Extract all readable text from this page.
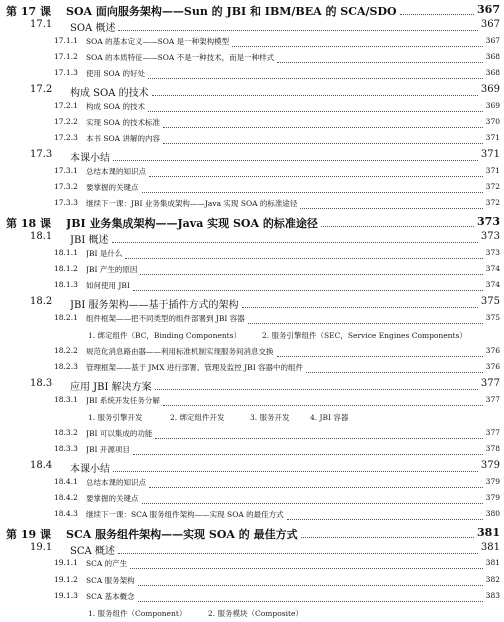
第 17 课 SOA 面向服务架构——Sun 的 JBI 和 IBM/BEA 的 SCA/SDO	367
17.1 SOA 概述	367
17.1.1 SOA 的基本定义——SOA 是一种架构模型	367
17.1.2 SOA 的本质特征——SOA 不是一种技术，而是一种样式	368
17.1.3 使用 SOA 的好处	368
17.2 构成 SOA 的技术	369
17.2.1 构成 SOA 的技术	369
17.2.2 实现 SOA 的技术标准	370
17.2.3 本书 SOA 讲解的内容	371
17.3 本课小结	371
17.3.1 总结本课的知识点	371
17.3.2 要掌握的关键点	372
17.3.3 继续下一课：JBI 业务集成架构——Java 实现 SOA 的标准途径	372
第 18 课 JBI 业务集成架构——Java 实现 SOA 的标准途径	373
18.1 JBI 概述	373
18.1.1 JBI 是什么	373
18.1.2 JBI 产生的原因	374
18.1.3 如何使用 JBI	374
18.2 JBI 服务架构——基于插件方式的架构	375
18.2.1 组件框架——把不同类型的组件部署到 JBI 容器	375
1. 绑定组件（BC，Binding Components）	2. 服务引擎组件（SEC，Service Engines Components）
18.2.2 规范化消息路由器——利用标准机制实现服务间消息交换	376
18.2.3 管理框架——基于 JMX 进行部署、管理及监控 JBI 容器中的组件	376
18.3 应用 JBI 解决方案	377
18.3.1 JBI 系统开发任务分解	377
1. 服务引擎开发	2. 绑定组件开发	3. 服务开发	4. JBI 容器
18.3.2 JBI 可以集成的功能	377
18.3.3 JBI 开源项目	378
18.4 本课小结	379
18.4.1 总结本课的知识点	379
18.4.2 要掌握的关键点	379
18.4.3 继续下一课：SCA 服务组件架构——实现 SOA 的最佳方式	380
第 19 课 SCA 服务组件架构——实现 SOA 的 最佳方式	381
19.1 SCA 概述	381
19.1.1 SCA 的产生	381
19.1.2 SCA 服务架构	382
19.1.3 SCA 基本概念	383
1. 服务组件（Component）	2. 服务模块（Composite）
